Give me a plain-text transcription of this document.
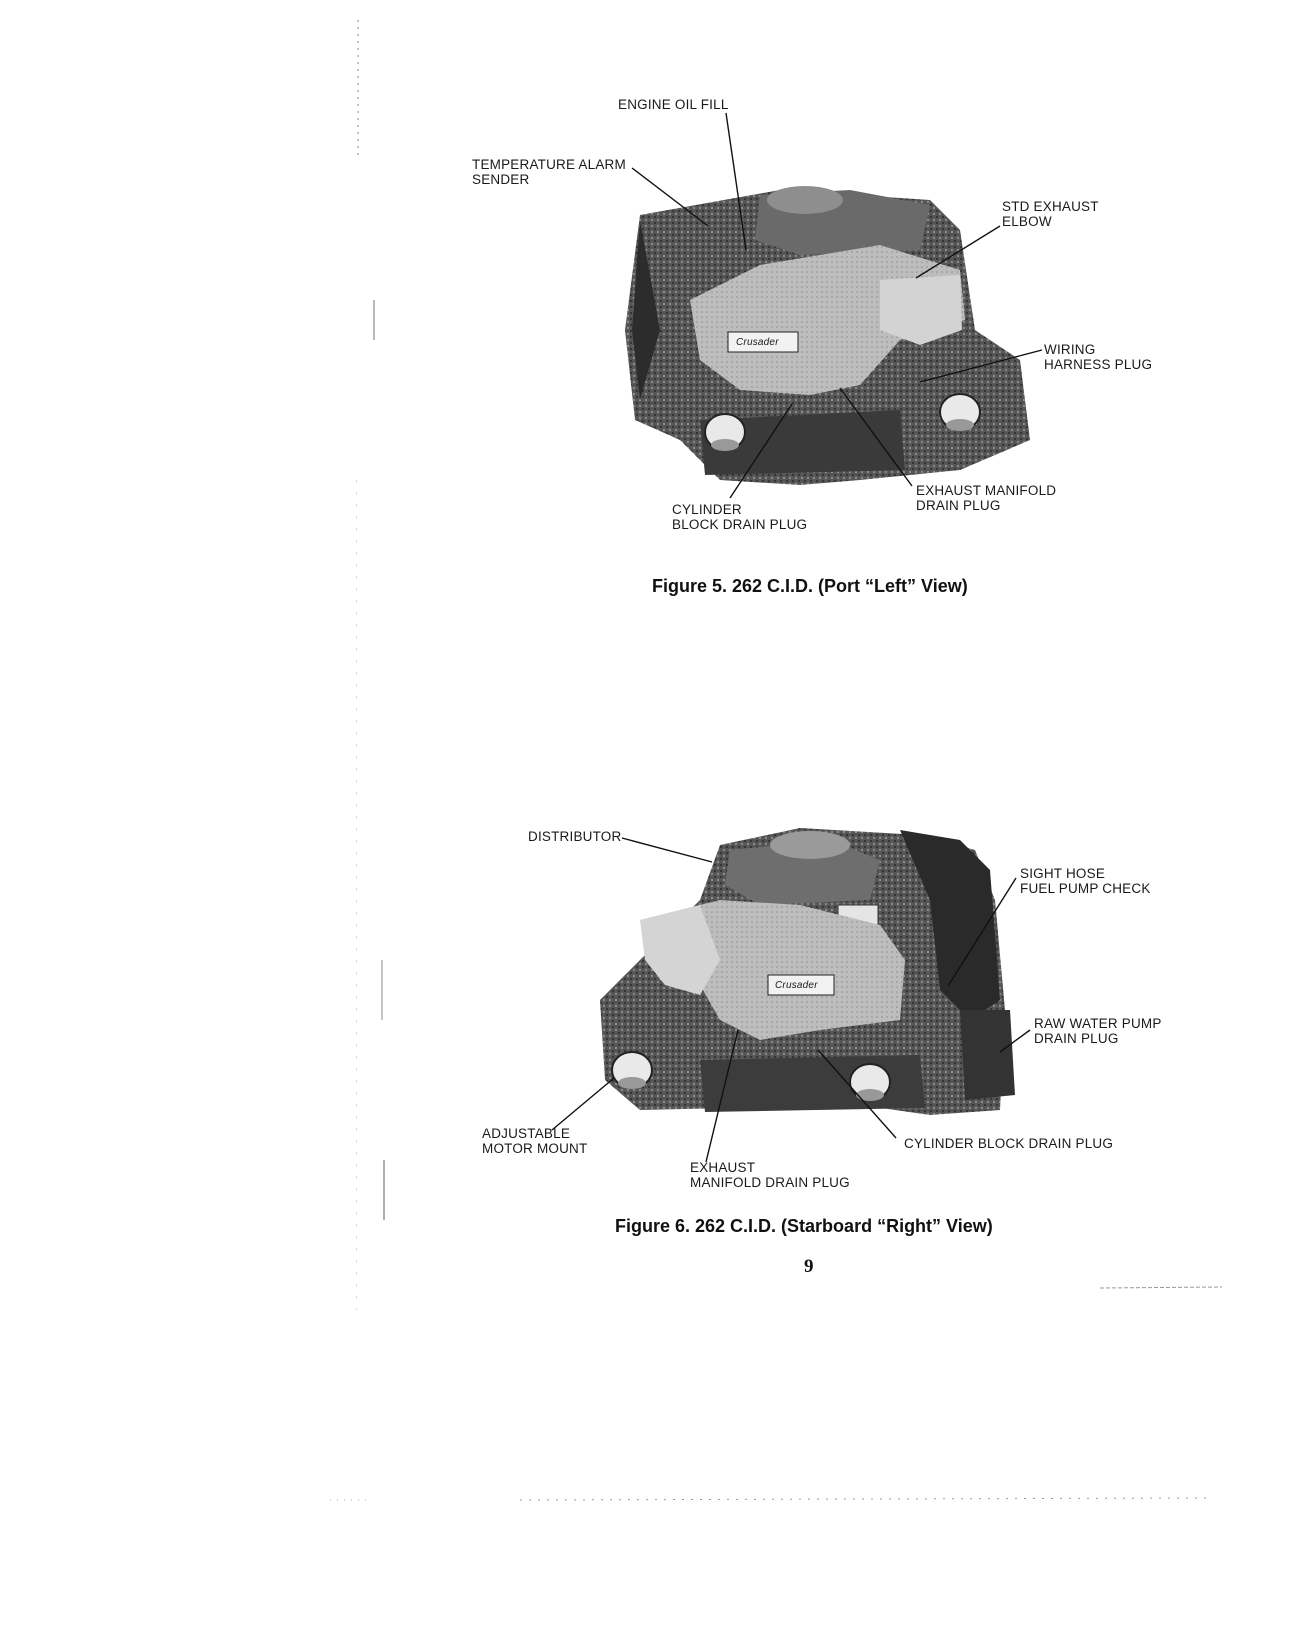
Crusader
ENGINE OIL FILL
TEMPERATURE ALARM
SENDER
STD EXHAUST
ELBOW
WIRING
HARNESS PLUG
EXHAUST MANIFOLD
DRAIN PLUG
CYLINDER
BLOCK DRAIN PLUG
Figure 5. 262 C.I.D. (Port “Left” View)
Crusader
DISTRIBUTOR
SIGHT HOSE
FUEL PUMP CHECK
RAW WATER PUMP
DRAIN PLUG
ADJUSTABLE
MOTOR MOUNT	CYLINDER BLOCK DRAIN PLUG
EXHAUST
MANIFOLD DRAIN PLUG
Figure 6. 262 C.I.D. (Starboard “Right” View)
9
